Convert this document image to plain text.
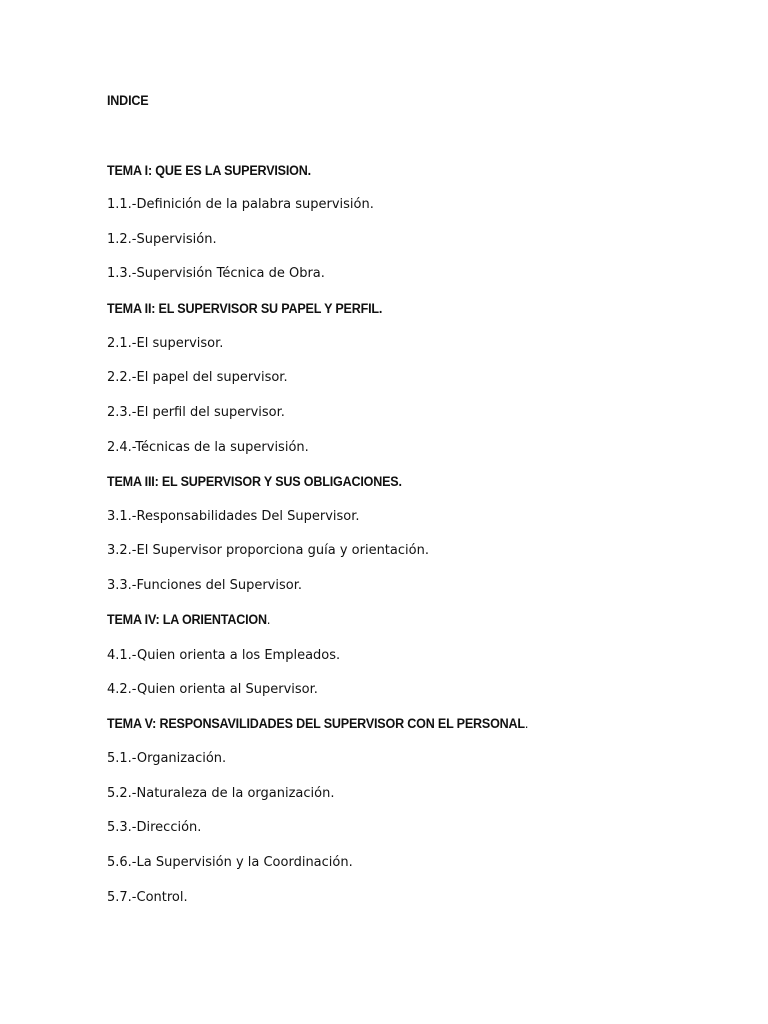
INDICE
TEMA I: QUE ES LA SUPERVISION.
1.1.-Definición de la palabra supervisión.
1.2.-Supervisión.
1.3.-Supervisión Técnica de Obra.
TEMA II: EL SUPERVISOR SU PAPEL Y PERFIL.
2.1.-El supervisor.
2.2.-El papel del supervisor.
2.3.-El perfil del supervisor.
2.4.-Técnicas de la supervisión.
TEMA III: EL SUPERVISOR Y SUS OBLIGACIONES.
3.1.-Responsabilidades Del Supervisor.
3.2.-El Supervisor proporciona guía y orientación.
3.3.-Funciones del Supervisor.
TEMA IV: LA ORIENTACION.
4.1.-Quien orienta a los Empleados.
4.2.-Quien orienta al Supervisor.
TEMA V: RESPONSAVILIDADES DEL SUPERVISOR CON EL PERSONAL.
5.1.-Organización.
5.2.-Naturaleza de la organización.
5.3.-Dirección.
5.6.-La Supervisión y la Coordinación.
5.7.-Control.
